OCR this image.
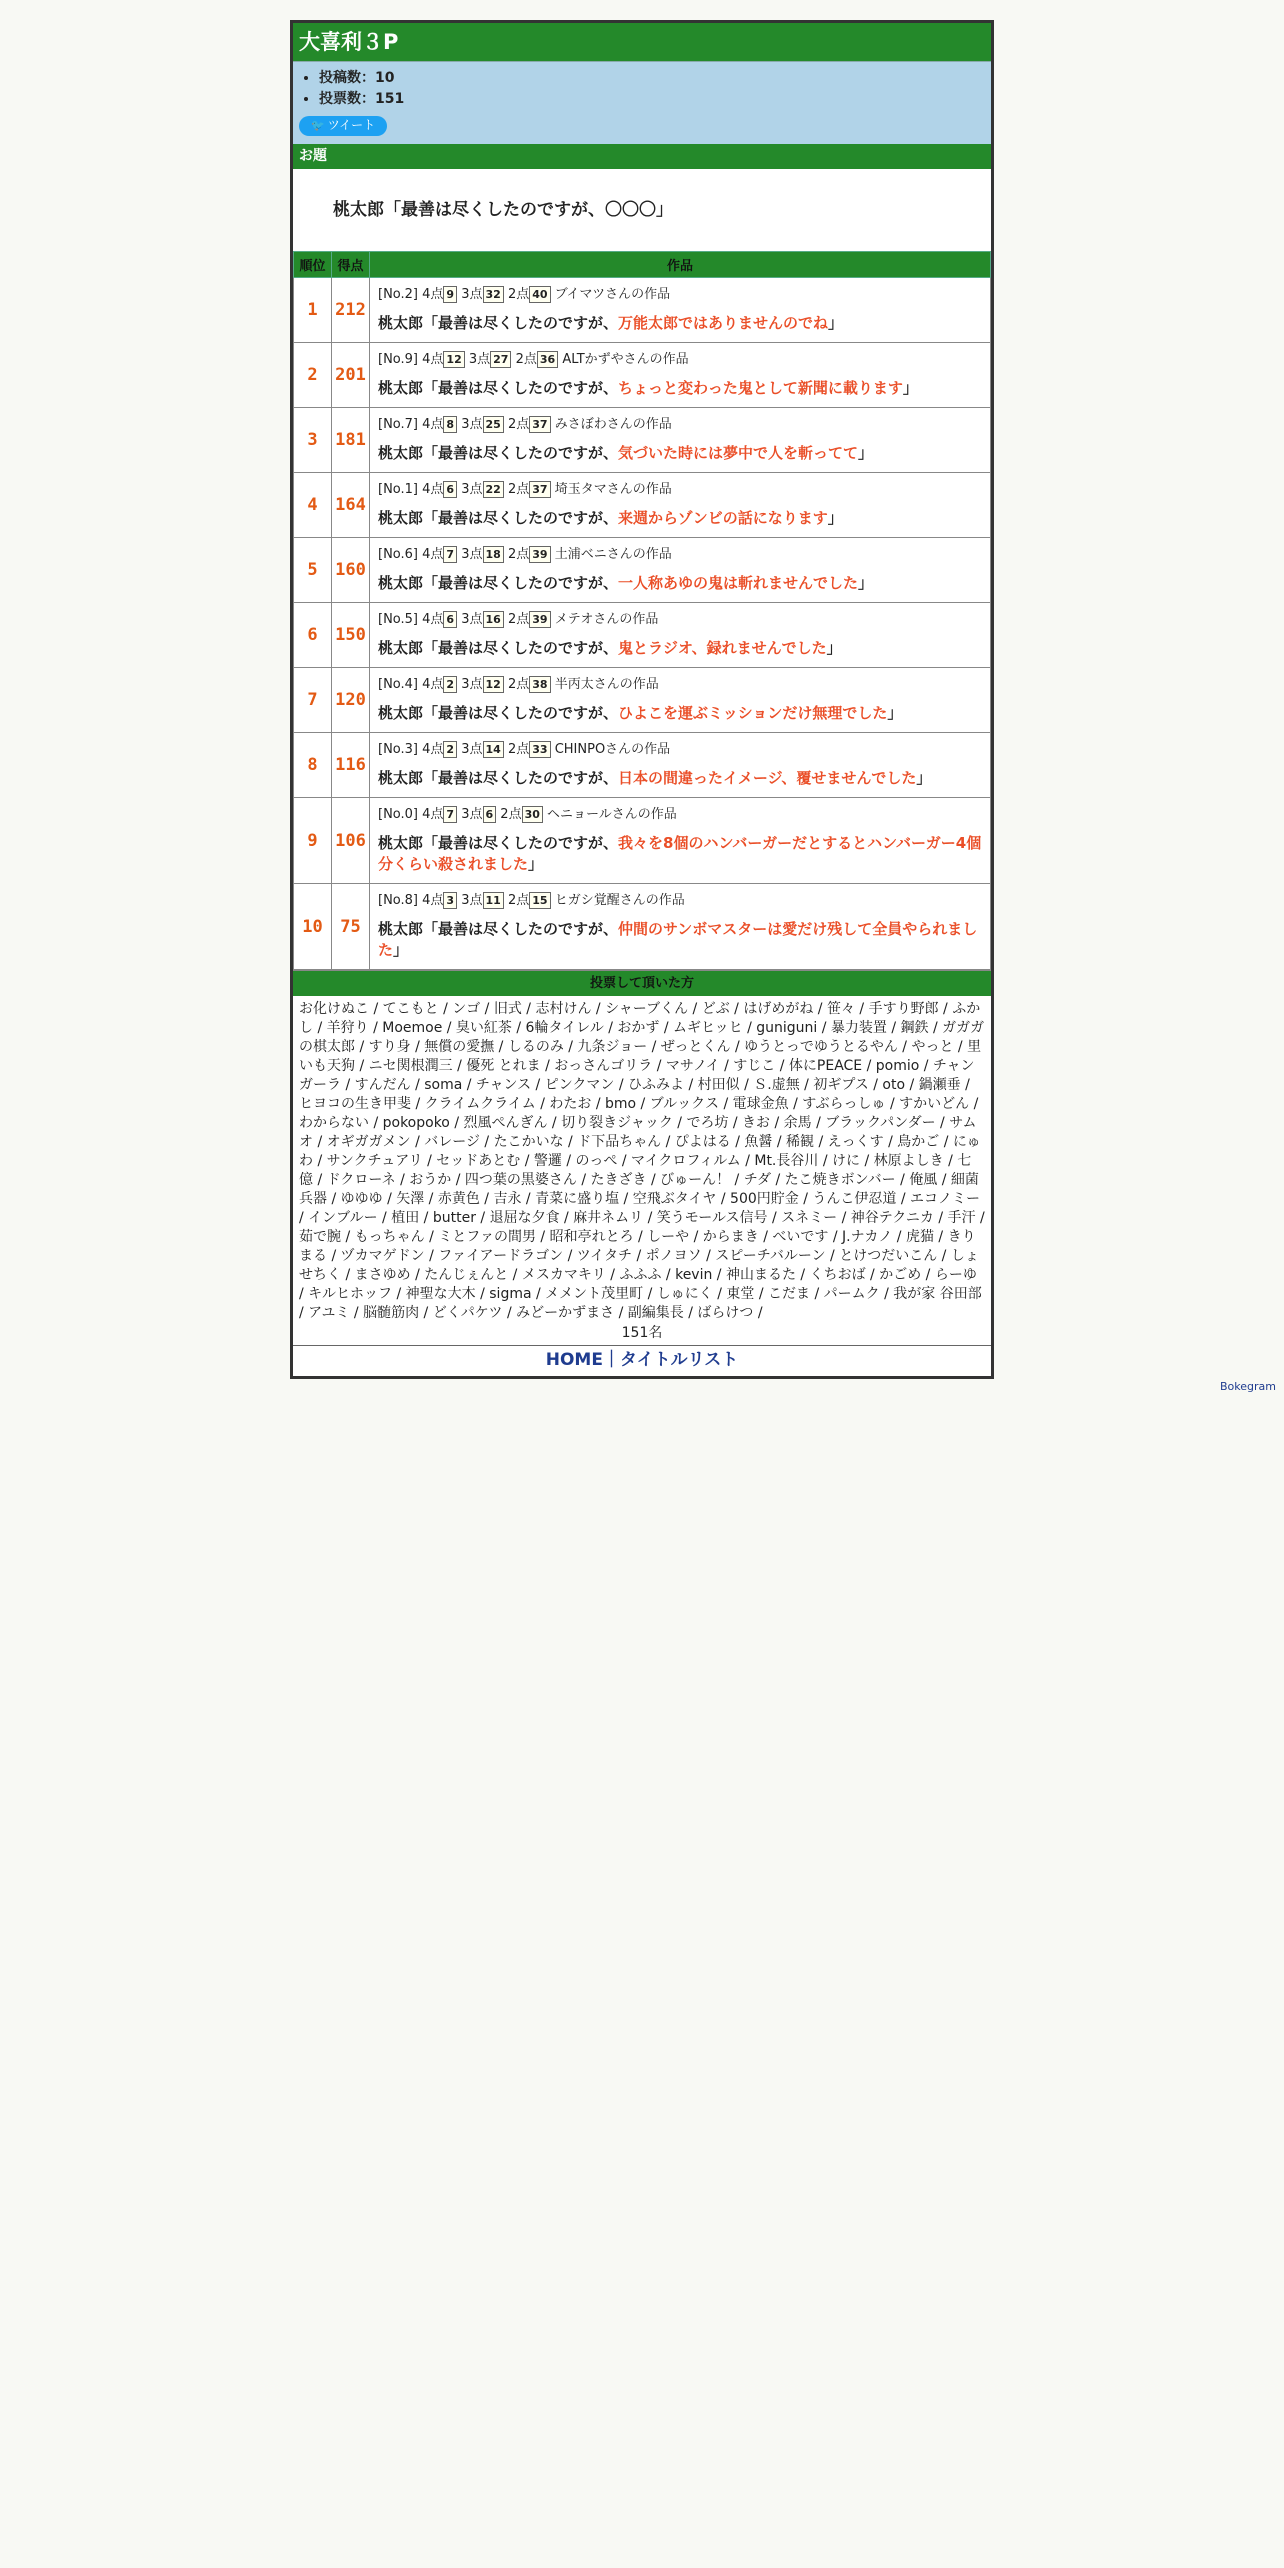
大喜利３P
• 投稿数：10
• 投票数：151
🐦 ツイート
お題
桃太郎「最善は尽くしたのですが、〇〇〇」
順位	得点	作品
1	212	[No.2] 4点 9 3点 32 2点 40 ブイマツさんの作品
桃太郎「最善は尽くしたのですが、万能太郎ではありませんのでね」

2	201	[No.9] 4点 12 3点 27 2点 36 ALTかずやさんの作品
桃太郎「最善は尽くしたのですが、ちょっと変わった鬼として新聞に載ります」

3	181	[No.7] 4点 8 3点 25 2点 37 みさぼわさんの作品
桃太郎「最善は尽くしたのですが、気づいた時には夢中で人を斬ってて」

4	164	[No.1] 4点 6 3点 22 2点 37 埼玉タマさんの作品
桃太郎「最善は尽くしたのですが、来週からゾンビの話になります」

5	160	[No.6] 4点 7 3点 18 2点 39 土浦ベニさんの作品
桃太郎「最善は尽くしたのですが、一人称あゆの鬼は斬れませんでした」

6	150	[No.5] 4点 6 3点 16 2点 39 メテオさんの作品
桃太郎「最善は尽くしたのですが、鬼とラジオ、録れませんでした」

7	120	[No.4] 4点 2 3点 12 2点 38 半丙太さんの作品
桃太郎「最善は尽くしたのですが、ひよこを運ぶミッションだけ無理でした」

8	116	[No.3] 4点 2 3点 14 2点 33 CHINPOさんの作品
桃太郎「最善は尽くしたのですが、日本の間違ったイメージ、覆せませんでした」

9	106	[No.0] 4点 7 3点 6 2点 30 ヘニョールさんの作品
桃太郎「最善は尽くしたのですが、我々を8個のハンバーガーだとするとハンバーガー4個分くらい殺されました」

10	75	[No.8] 4点 3 3点 11 2点 15 ヒガシ覚醒さんの作品
桃太郎「最善は尽くしたのですが、仲間のサンボマスターは愛だけ残して全員やられました」
投票して頂いた方
お化けぬこ / てこもと / ンゴ / 旧式 / 志村けん / シャーブくん / どぶ / はげめがね / 笹々 / 手すり野郎 / ふかし / 羊狩り / Moemoe / 臭い紅茶 / 6輪タイレル / おかず / ムギヒッヒ / guniguni / 暴力装置 / 鋼鉄 / ガガガの棋太郎 / すり身 / 無償の愛撫 / しるのみ / 九条ジョー / ぜっとくん / ゆうとっでゆうとるやん / やっと / 里いも天狗 / ニセ関根潤三 / 優死 とれま / おっさんゴリラ / マサノイ / すじこ / 体にPEACE / pomio / チャンガーラ / すんだん / soma / チャンス / ピンクマン / ひふみよ / 村田似 / Ｓ.虚無 / 初ギプス / oto / 鍋瀬垂 / ヒヨコの生き甲斐 / クライムクライム / わたお / bmo / ブルックス / 電球金魚 / すぶらっしゅ / すかいどん / わからない / pokopoko / 烈風ぺんぎん / 切り裂きジャック / でろ坊 / きお / 余馬 / ブラックパンダー / サムオ / オギガガメン / バレージ / たこかいな / ド下品ちゃん / ぴよはる / 魚醤 / 稀観 / えっくす / 鳥かご / にゅわ / サンクチュアリ / セッドあとむ / 警邏 / のっぺ / マイクロフィルム / Mt.長谷川 / けに / 林原よしき / 七億 / ドクローネ / おうか / 四つ葉の黒婆さん / たきざき / びゅーん！ / チダ / たこ焼きボンバー / 俺風 / 細菌兵器 / ゆゆゆ / 矢澤 / 赤黄色 / 吉永 / 青菜に盛り塩 / 空飛ぶタイヤ / 500円貯金 / うんこ伊忍道 / エコノミー / インブルー / 植田 / butter / 退屈な夕食 / 麻井ネムリ / 笑うモールス信号 / スネミー / 神谷テクニカ / 手汗 / 茹で腕 / もっちゃん / ミとファの間男 / 昭和亭れとろ / しーや / からまき / べいです / J.ナカノ / 虎猫 / きりまる / ヅカマゲドン / ファイアードラゴン / ツイタチ / ポノヨソ / スピーチバルーン / とけつだいこん / しょせちく / まさゆめ / たんじぇんと / メスカマキリ / ふふふ / kevin / 神山まるた / くちおば / かごめ / らーゆ / キルヒホッフ / 神聖な大木 / sigma / メメント茂里町 / しゅにく / 東堂 / こだま / パームク / 我が家 谷田部 / アユミ / 脳髄筋肉 / どくパケツ / みどーかずまさ / 副編集長 / ばらけつ /
151名
HOME｜タイトルリスト
Bokegram
